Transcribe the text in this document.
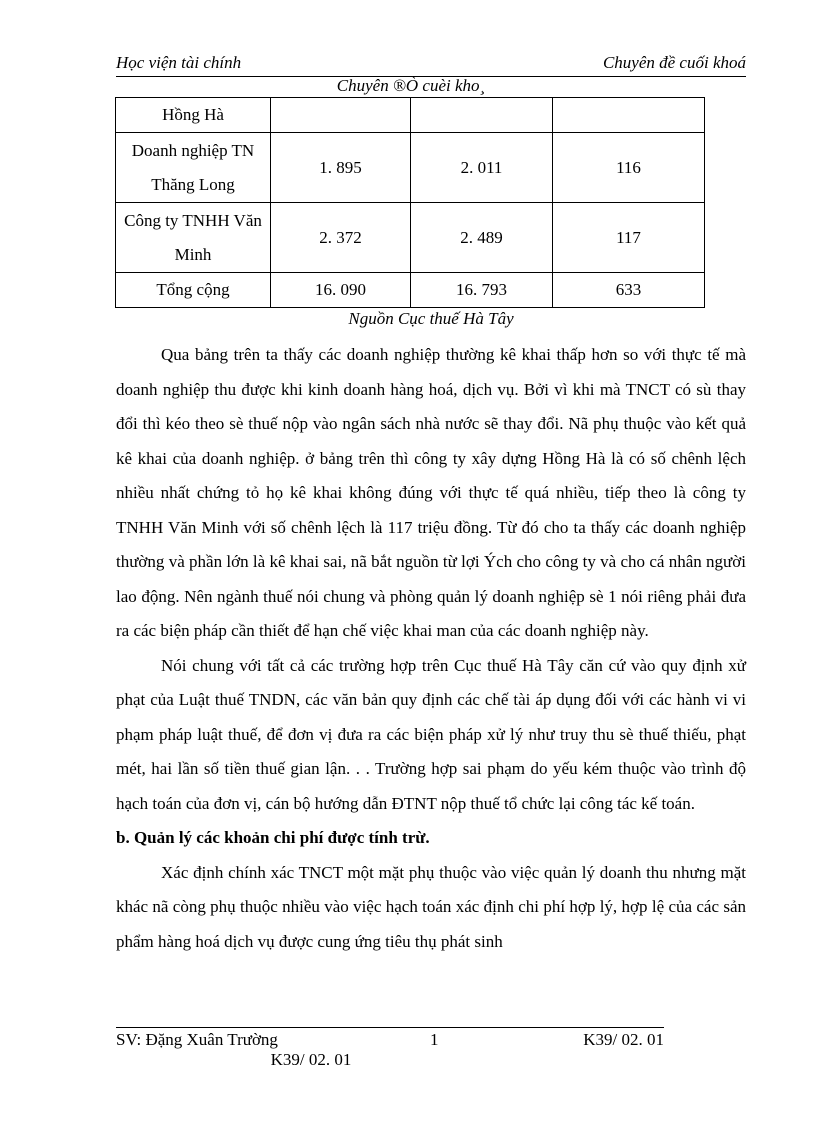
Học viện tài chính	Chuyên đề cuối khoá
Chuyên ®Ò cuèi kho¸
Hồng Hà			
Doanh nghiệp TN Thăng Long	1. 895	2. 011	116
Công ty TNHH Văn Minh	2. 372	2. 489	117
Tổng cộng	16. 090	16. 793	633
Nguồn Cục thuế Hà Tây

Qua bảng trên ta thấy các doanh nghiệp thường kê khai thấp hơn so với thực tế mà doanh nghiệp thu được khi kinh doanh hàng hoá, dịch vụ. Bởi vì khi mà TNCT có sù thay đổi thì kéo theo sè thuế nộp vào ngân sách nhà nước sẽ thay đổi. Nã phụ thuộc vào kết quả kê khai của doanh nghiệp. ở bảng trên thì công ty xây dựng Hồng Hà là có số chênh lệch nhiều nhất chứng tỏ họ kê khai không đúng với thực tế quá nhiều, tiếp theo là công ty TNHH Văn Minh với số chênh lệch là 117 triệu đồng. Từ đó cho ta thấy các doanh nghiệp thường và phần lớn là kê khai sai, nã bắt nguồn từ lợi Ých cho công ty và cho cá nhân người lao động. Nên ngành thuế nói chung và phòng quản lý doanh nghiệp sè 1 nói riêng phải đưa ra các biện pháp cần thiết để hạn chế việc khai man của các doanh nghiệp này.

Nói chung với tất cả các trường hợp trên Cục thuế Hà Tây căn cứ vào quy định xử phạt của Luật thuế TNDN, các văn bản quy định các chế tài áp dụng đối với các hành vi vi phạm pháp luật thuế, để đơn vị đưa ra các biện pháp xử lý như truy thu sè thuế thiếu, phạt mét, hai lần số tiền thuế gian lận. . . Trường hợp sai phạm do yếu kém thuộc vào trình độ hạch toán của đơn vị, cán bộ hướng dẫn ĐTNT nộp thuế tổ chức lại công tác kế toán.

b. Quản lý các khoản chi phí được tính trừ.

Xác định chính xác TNCT một mặt phụ thuộc vào việc quản lý doanh thu nhưng mặt khác nã còng phụ thuộc nhiều vào việc hạch toán xác định chi phí hợp lý, hợp lệ của các sản phẩm hàng hoá dịch vụ được cung ứng tiêu thụ phát sinh

SV: Đặng Xuân Trường	1	K39/ 02. 01
K39/ 02. 01
